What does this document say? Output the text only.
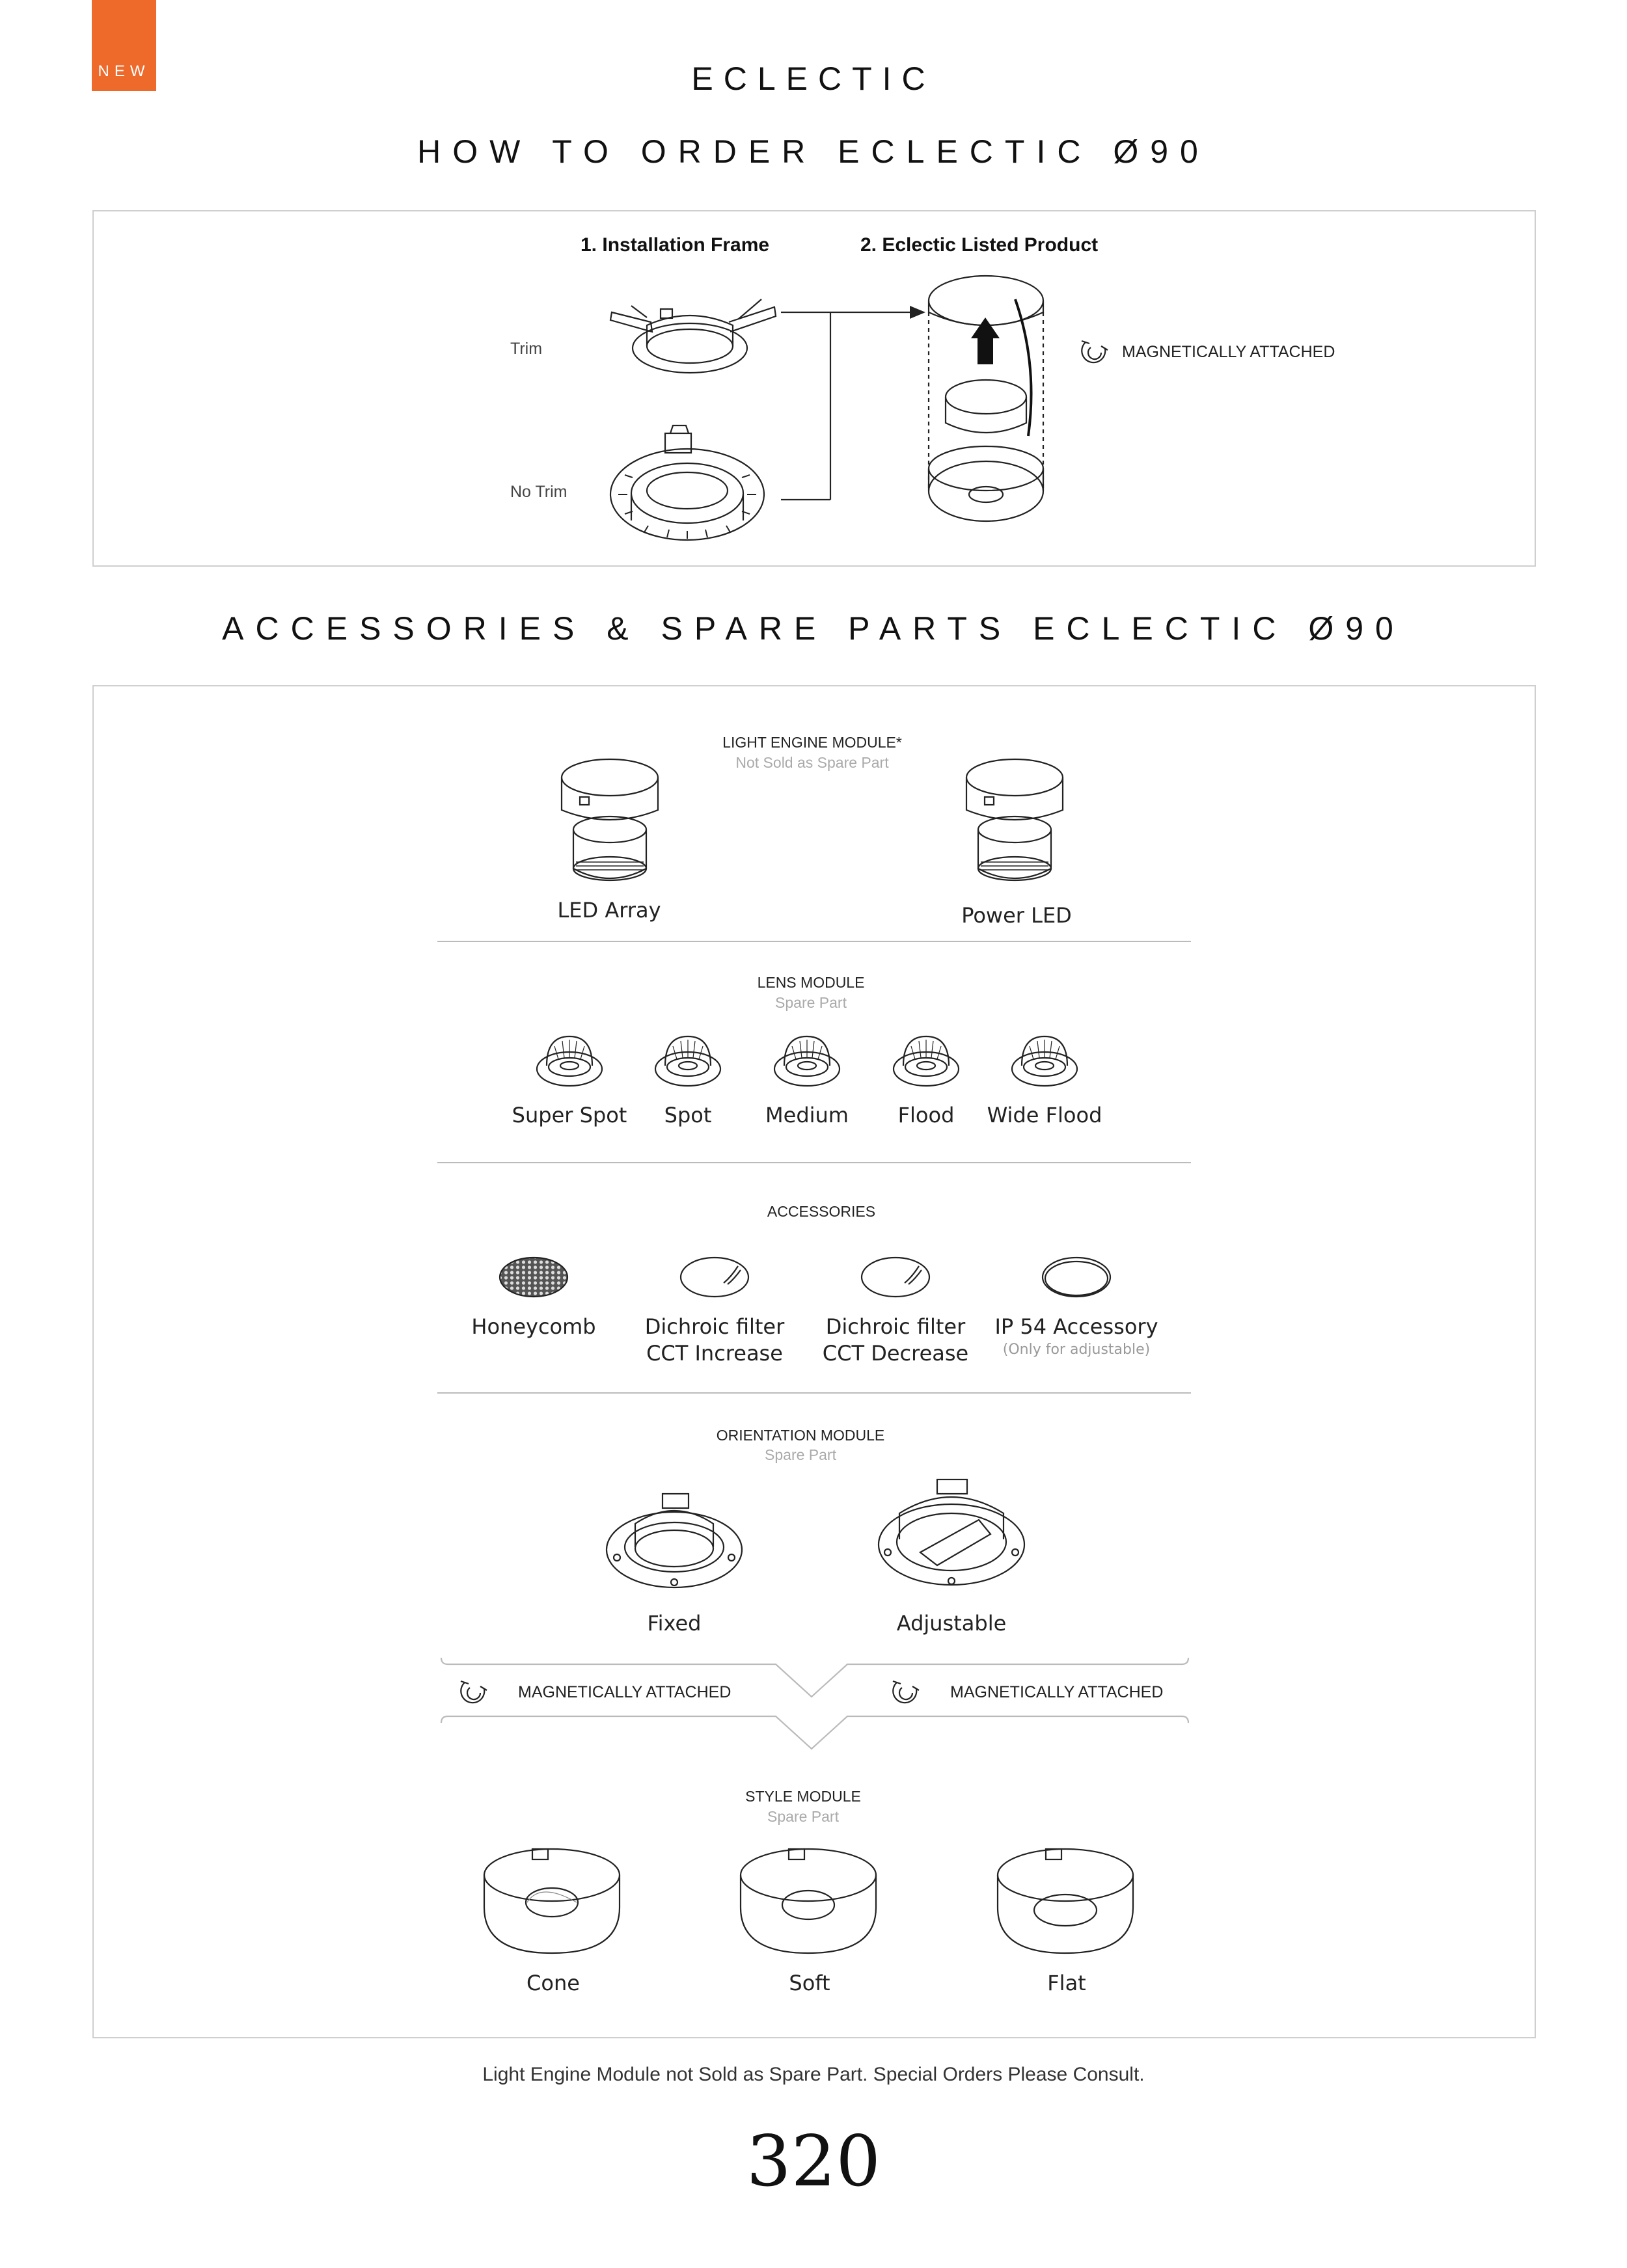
NEW	ECLECTIC
HOW TO ORDER ECLECTIC Ø90
1. Installation Frame	2. Eclectic Listed Product
Trim
No Trim
MAGNETICALLY ATTACHED
ACCESSORIES & SPARE PARTS ECLECTIC Ø90
LIGHT ENGINE MODULE*
Not Sold as Spare Part
LED Array	Power LED
LENS MODULE
Spare Part
Super Spot	Spot	Medium	Flood	Wide Flood
ACCESSORIES
Honeycomb	Dichroic filter
CCT Increase
Dichroic filter
CCT Decrease
IP 54 Accessory
(Only for adjustable)
ORIENTATION MODULE
Spare Part
Fixed	Adjustable
MAGNETICALLY ATTACHED	MAGNETICALLY ATTACHED
STYLE MODULE
Spare Part
Cone	Soft	Flat
Light Engine Module not Sold as Spare Part. Special Orders Please Consult.
320
